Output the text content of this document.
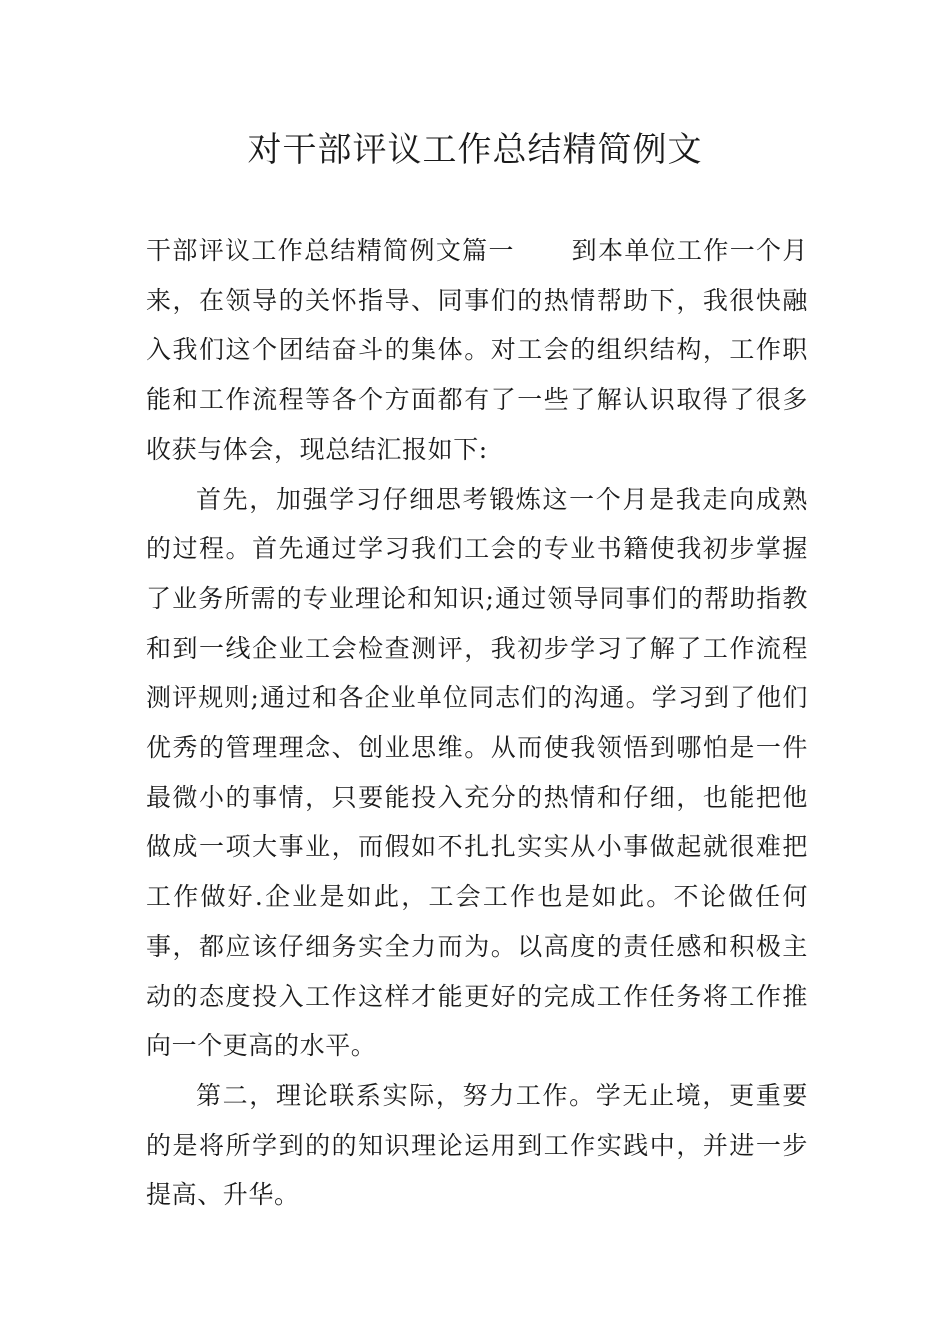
对干部评议工作总结精简例文

干部评议工作总结精简例文篇一 到本单位工作一个月来，在领导的关怀指导、同事们的热情帮助下，我很快融入我们这个团结奋斗的集体。对工会的组织结构，工作职能和工作流程等各个方面都有了一些了解认识取得了很多收获与体会，现总结汇报如下:

首先，加强学习仔细思考锻炼这一个月是我走向成熟的过程。首先通过学习我们工会的专业书籍使我初步掌握了业务所需的专业理论和知识;通过领导同事们的帮助指教和到一线企业工会检查测评，我初步学习了解了工作流程测评规则;通过和各企业单位同志们的沟通。学习到了他们优秀的管理理念、创业思维。从而使我领悟到哪怕是一件最微小的事情，只要能投入充分的热情和仔细，也能把他做成一项大事业，而假如不扎扎实实从小事做起就很难把工作做好.企业是如此，工会工作也是如此。不论做任何事，都应该仔细务实全力而为。以高度的责任感和积极主动的态度投入工作这样才能更好的完成工作任务将工作推向一个更高的水平。

第二，理论联系实际，努力工作。学无止境，更重要的是将所学到的的知识理论运用到工作实践中，并进一步提高、升华。
